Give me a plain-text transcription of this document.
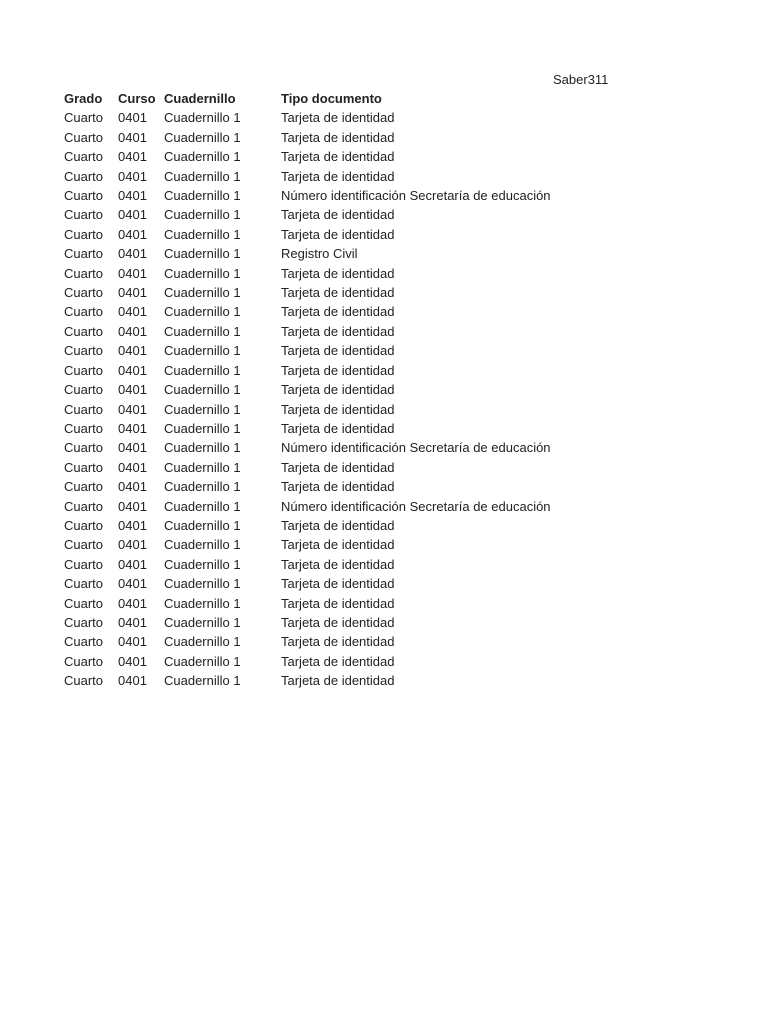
Saber311
Grado	Curso	Cuadernillo	Tipo documento
Cuarto	0401	Cuadernillo 1	Tarjeta de identidad
Cuarto	0401	Cuadernillo 1	Tarjeta de identidad
Cuarto	0401	Cuadernillo 1	Tarjeta de identidad
Cuarto	0401	Cuadernillo 1	Tarjeta de identidad
Cuarto	0401	Cuadernillo 1	Número identificación Secretaría de educación
Cuarto	0401	Cuadernillo 1	Tarjeta de identidad
Cuarto	0401	Cuadernillo 1	Tarjeta de identidad
Cuarto	0401	Cuadernillo 1	Registro Civil
Cuarto	0401	Cuadernillo 1	Tarjeta de identidad
Cuarto	0401	Cuadernillo 1	Tarjeta de identidad
Cuarto	0401	Cuadernillo 1	Tarjeta de identidad
Cuarto	0401	Cuadernillo 1	Tarjeta de identidad
Cuarto	0401	Cuadernillo 1	Tarjeta de identidad
Cuarto	0401	Cuadernillo 1	Tarjeta de identidad
Cuarto	0401	Cuadernillo 1	Tarjeta de identidad
Cuarto	0401	Cuadernillo 1	Tarjeta de identidad
Cuarto	0401	Cuadernillo 1	Tarjeta de identidad
Cuarto	0401	Cuadernillo 1	Número identificación Secretaría de educación
Cuarto	0401	Cuadernillo 1	Tarjeta de identidad
Cuarto	0401	Cuadernillo 1	Tarjeta de identidad
Cuarto	0401	Cuadernillo 1	Número identificación Secretaría de educación
Cuarto	0401	Cuadernillo 1	Tarjeta de identidad
Cuarto	0401	Cuadernillo 1	Tarjeta de identidad
Cuarto	0401	Cuadernillo 1	Tarjeta de identidad
Cuarto	0401	Cuadernillo 1	Tarjeta de identidad
Cuarto	0401	Cuadernillo 1	Tarjeta de identidad
Cuarto	0401	Cuadernillo 1	Tarjeta de identidad
Cuarto	0401	Cuadernillo 1	Tarjeta de identidad
Cuarto	0401	Cuadernillo 1	Tarjeta de identidad
Cuarto	0401	Cuadernillo 1	Tarjeta de identidad
